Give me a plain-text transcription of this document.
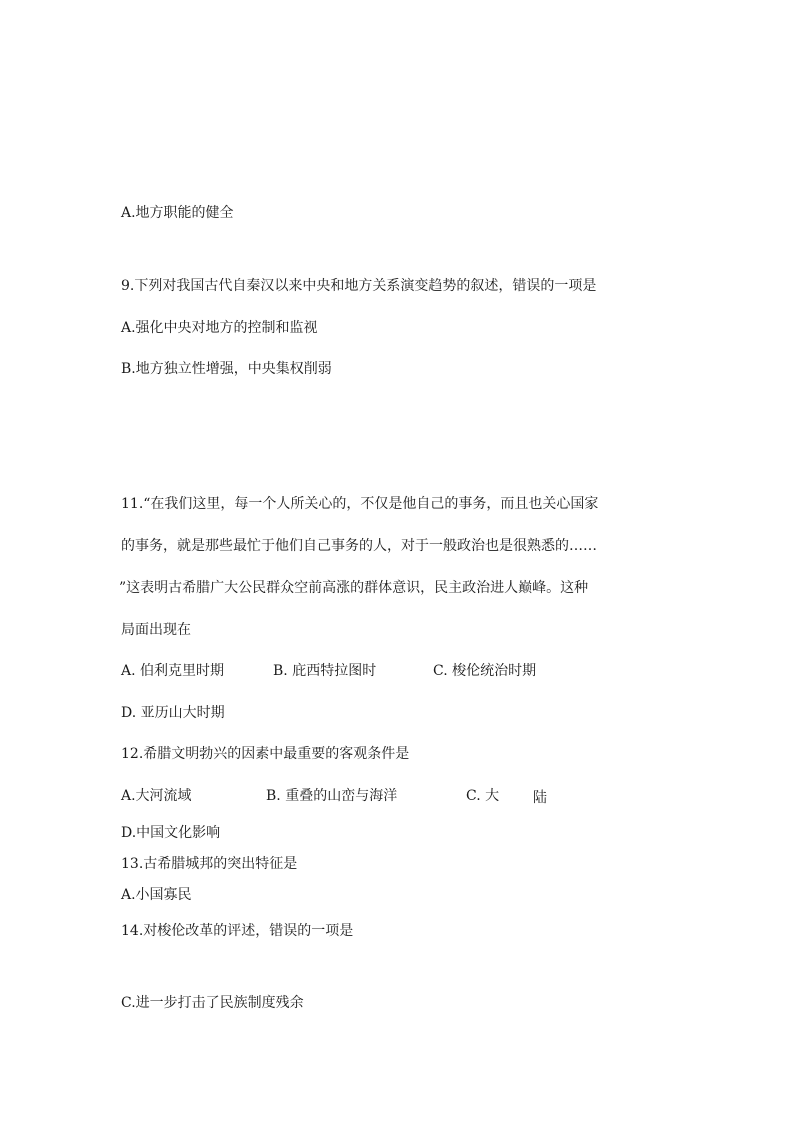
A.地方职能的健全
9.下列对我国古代自秦汉以来中央和地方关系演变趋势的叙述，错误的一项是
A.强化中央对地方的控制和监视
B.地方独立性增强，中央集权削弱
11.“在我们这里，每一个人所关心的，不仅是他自己的事务，而且也关心国家
的事务，就是那些最忙于他们自己事务的人，对于一般政治也是很熟悉的……
”这表明古希腊广大公民群众空前高涨的群体意识，民主政治进人巅峰。这种
局面出现在
A. 伯利克里时期	B. 庇西特拉图时	C. 梭伦统治时期
D. 亚历山大时期
12.希腊文明勃兴的因素中最重要的客观条件是
A.大河流域	B. 重叠的山峦与海洋	C. 大 陆
D.中国文化影响
13.古希腊城邦的突出特征是
A.小国寡民
14.对梭伦改革的评述，错误的一项是
C.进一步打击了民族制度残余
